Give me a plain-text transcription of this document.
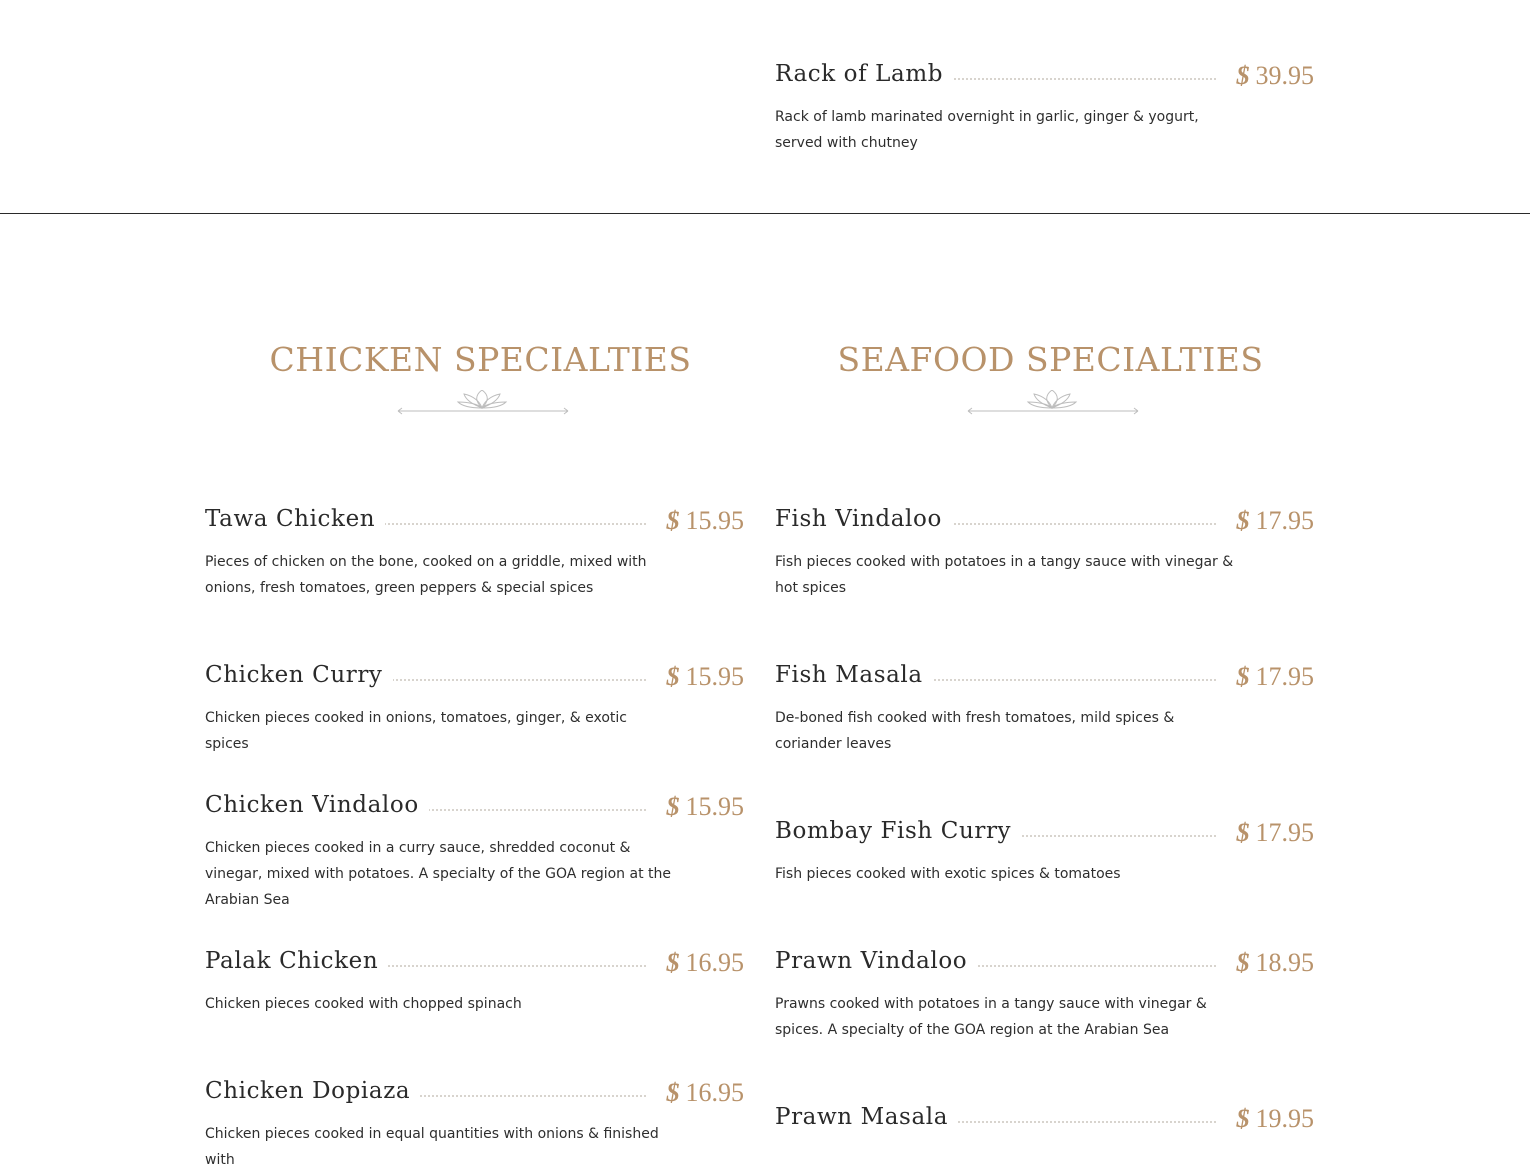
Rack of Lamb	$ 39.95

Rack of lamb marinated overnight in garlic, ginger & yogurt, served with chutney

CHICKEN SPECIALTIES	SEAFOOD SPECIALTIES
Tawa Chicken	$ 15.95

Pieces of chicken on the bone, cooked on a griddle, mixed with onions, fresh tomatoes, green peppers & special spices

Chicken Curry	$ 15.95

Chicken pieces cooked in onions, tomatoes, ginger, & exotic spices

Chicken Vindaloo	$ 15.95

Chicken pieces cooked in a curry sauce, shredded coconut & vinegar, mixed with potatoes. A specialty of the GOA region at the Arabian Sea

Palak Chicken	$ 16.95

Chicken pieces cooked with chopped spinach

Chicken Dopiaza	$ 16.95

Chicken pieces cooked in equal quantities with onions & finished with

Fish Vindaloo	$ 17.95

Fish pieces cooked with potatoes in a tangy sauce with vinegar & hot spices

Fish Masala	$ 17.95

De-boned fish cooked with fresh tomatoes, mild spices & coriander leaves

Bombay Fish Curry	$ 17.95

Fish pieces cooked with exotic spices & tomatoes

Prawn Vindaloo	$ 18.95

Prawns cooked with potatoes in a tangy sauce with vinegar & spices. A specialty of the GOA region at the Arabian Sea

Prawn Masala	$ 19.95
